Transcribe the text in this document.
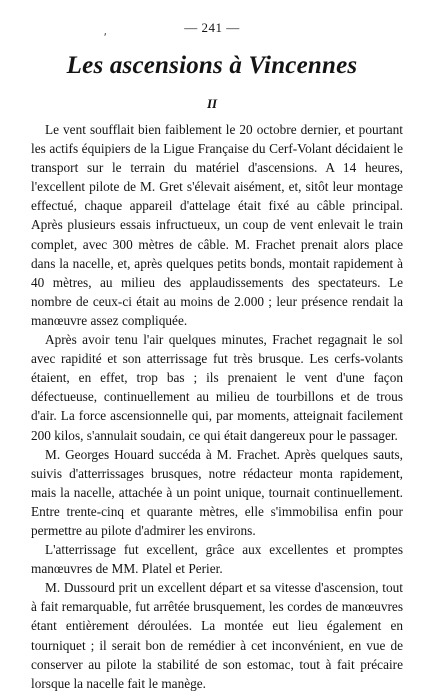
ʹ
— 241 —
Les ascensions à Vincennes
II

Le vent soufflait bien faiblement le 20 octobre dernier, et pourtant les actifs équipiers de la Ligue Française du Cerf-Volant décidaient le transport sur le terrain du matériel d'ascensions. A 14 heures, l'excellent pilote de M. Gret s'élevait aisément, et, sitôt leur montage effectué, chaque appareil d'attelage était fixé au câble principal. Après plusieurs essais infructueux, un coup de vent enlevait le train complet, avec 300 mètres de câble. M. Frachet prenait alors place dans la nacelle, et, après quelques petits bonds, montait rapidement à 40 mètres, au milieu des applaudissements des spectateurs. Le nombre de ceux-ci était au moins de 2.000 ; leur présence rendait la manœuvre assez compliquée.

Après avoir tenu l'air quelques minutes, Frachet regagnait le sol avec rapidité et son atterrissage fut très brusque. Les cerfs-volants étaient, en effet, trop bas ; ils prenaient le vent d'une façon défectueuse, continuellement au milieu de tourbillons et de trous d'air. La force ascensionnelle qui, par moments, atteignait facilement 200 kilos, s'annulait soudain, ce qui était dangereux pour le passager.

M. Georges Houard succéda à M. Frachet. Après quelques sauts, suivis d'atterrissages brusques, notre rédacteur monta rapidement, mais la nacelle, attachée à un point unique, tournait continuellement. Entre trente-cinq et quarante mètres, elle s'immobilisa enfin pour permettre au pilote d'admirer les environs.

L'atterrissage fut excellent, grâce aux excellentes et promptes manœuvres de MM. Platel et Perier.

M. Dussourd prit un excellent départ et sa vitesse d'ascension, tout à fait remarquable, fut arrêtée brusquement, les cordes de manœuvres étant entièrement déroulées. La montée eut lieu également en tourniquet ; il serait bon de remédier à cet inconvénient, en vue de conserver au pilote la stabilité de son estomac, tout à fait précaire lorsque la nacelle fait le manège.
